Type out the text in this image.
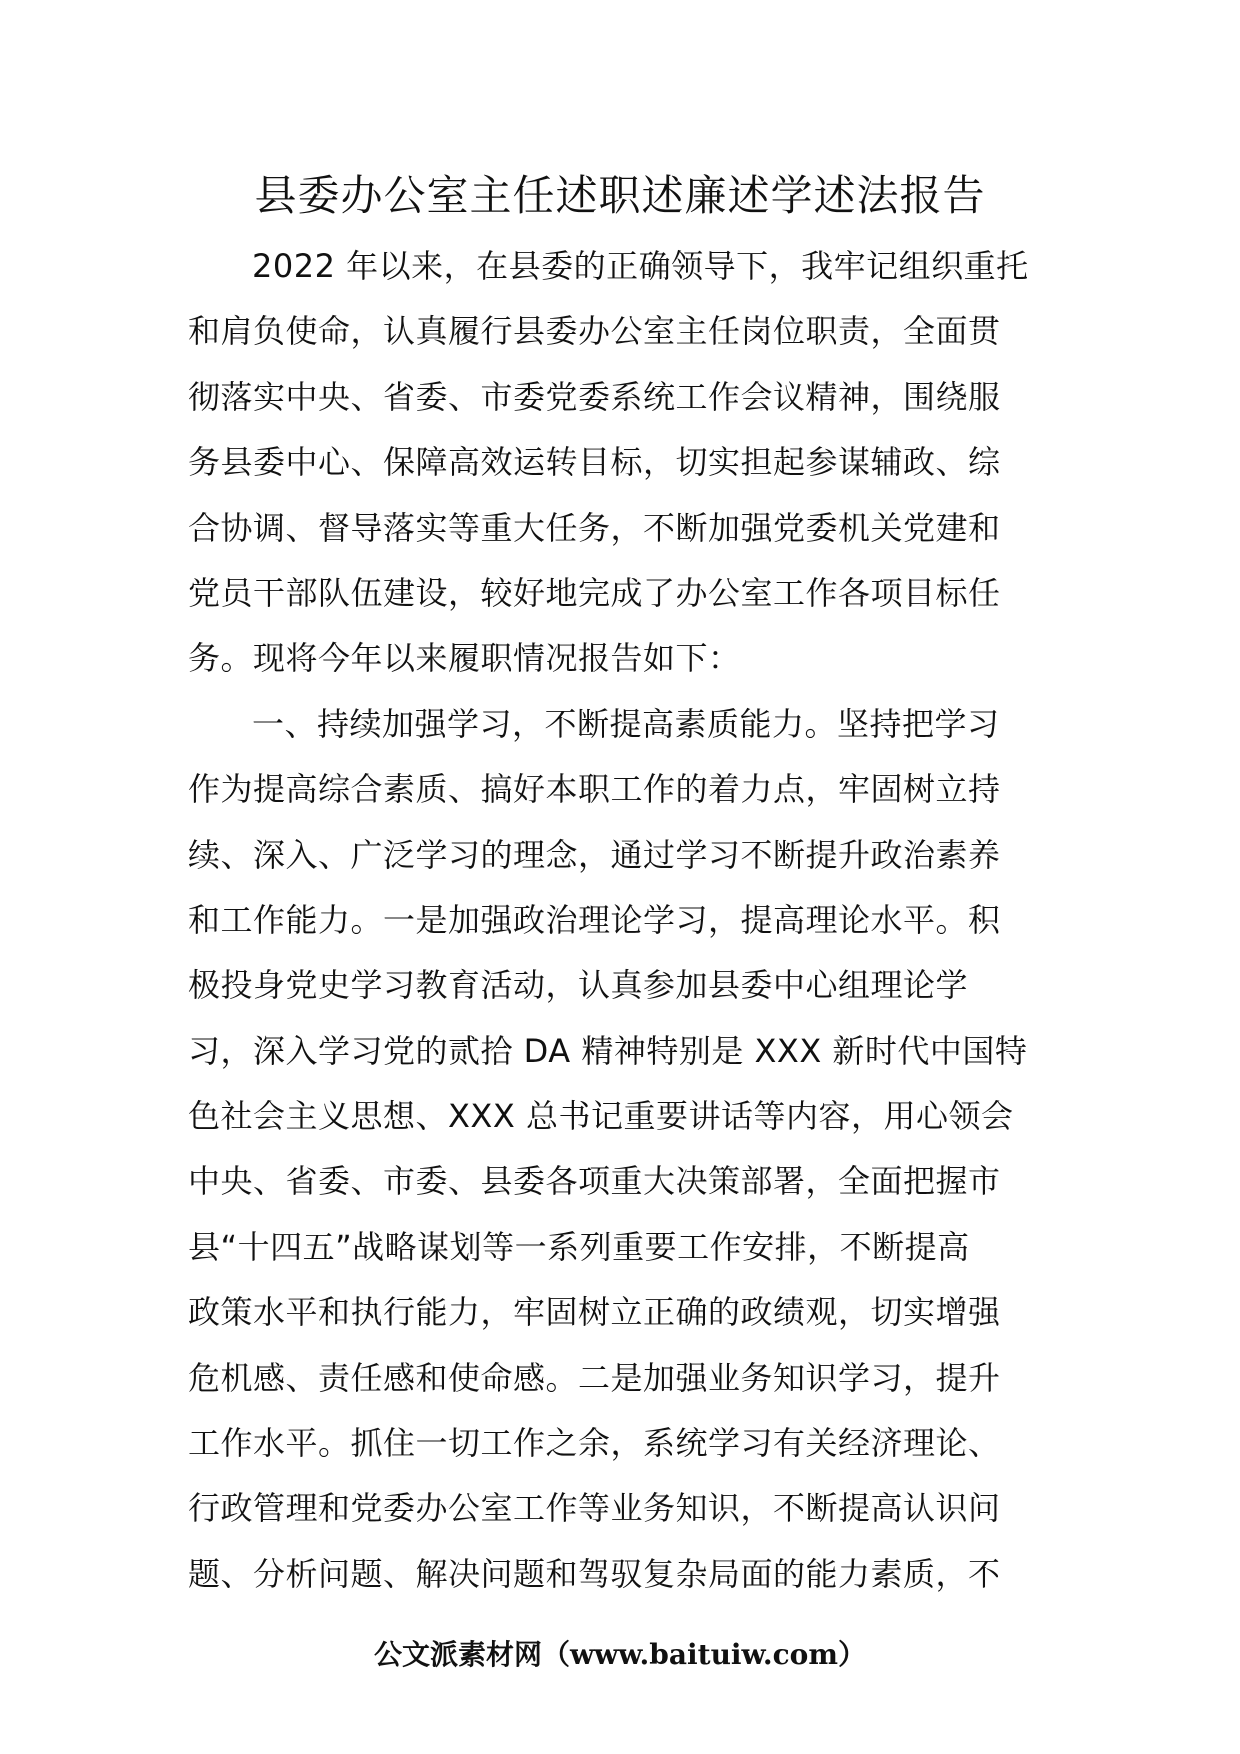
县委办公室主任述职述廉述学述法报告
2022 年以来，在县委的正确领导下，我牢记组织重托
和肩负使命，认真履行县委办公室主任岗位职责，全面贯
彻落实中央、省委、市委党委系统工作会议精神，围绕服
务县委中心、保障高效运转目标，切实担起参谋辅政、综
合协调、督导落实等重大任务，不断加强党委机关党建和
党员干部队伍建设，较好地完成了办公室工作各项目标任
务。现将今年以来履职情况报告如下：
一、持续加强学习，不断提高素质能力。坚持把学习
作为提高综合素质、搞好本职工作的着力点，牢固树立持
续、深入、广泛学习的理念，通过学习不断提升政治素养
和工作能力。一是加强政治理论学习，提高理论水平。积
极投身党史学习教育活动，认真参加县委中心组理论学
习，深入学习党的贰拾 DA 精神特别是 XXX 新时代中国特
色社会主义思想、XXX 总书记重要讲话等内容，用心领会
中央、省委、市委、县委各项重大决策部署，全面把握市
县“十四五”战略谋划等一系列重要工作安排，不断提高
政策水平和执行能力，牢固树立正确的政绩观，切实增强
危机感、责任感和使命感。二是加强业务知识学习，提升
工作水平。抓住一切工作之余，系统学习有关经济理论、
行政管理和党委办公室工作等业务知识，不断提高认识问
题、分析问题、解决问题和驾驭复杂局面的能力素质，不
公文派素材网（www.baituiw.com）
